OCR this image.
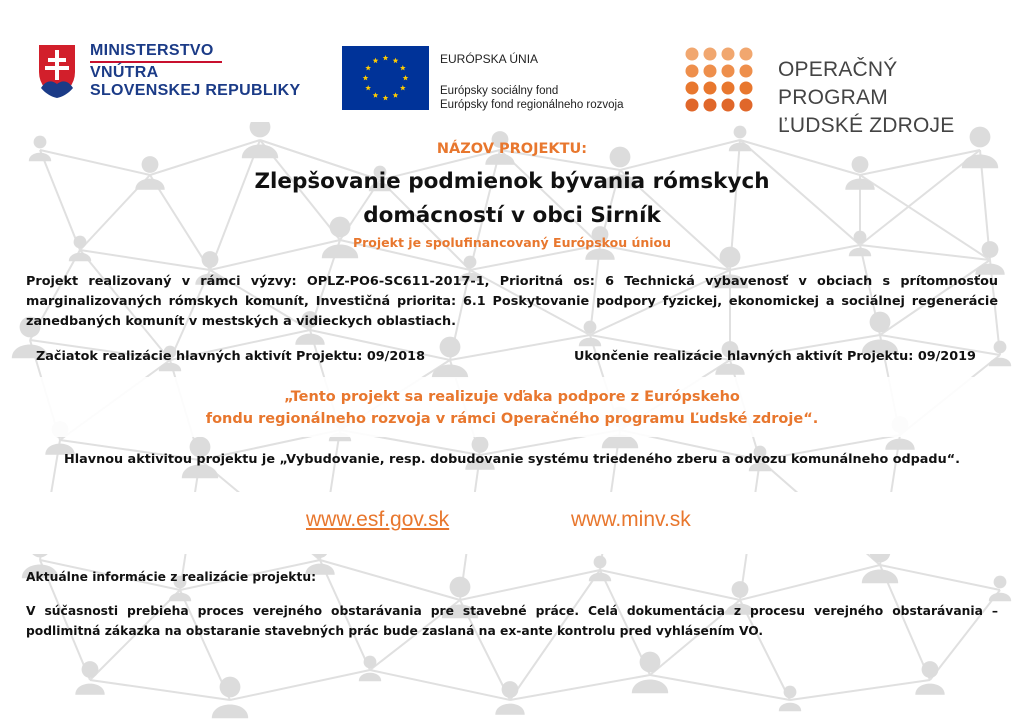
MINISTERSTVO
VNÚTRA
SLOVENSKEJ REPUBLIKY
EURÓPSKA ÚNIA
Európsky sociálny fond
Európsky fond regionálneho rozvoja
OPERAČNÝ PROGRAM
ĽUDSKÉ ZDROJE
NÁZOV PROJEKTU:
Zlepšovanie podmienok bývania rómskych
domácností v obci Sirník
Projekt je spolufinancovaný Európskou úniou
Projekt realizovaný v rámci výzvy: OPLZ-PO6-SC611-2017-1, Prioritná os: 6 Technická vybavenosť v obciach s prítomnosťou marginalizovaných rómskych komunít, Investičná priorita: 6.1 Poskytovanie podpory fyzickej, ekonomickej a sociálnej regenerácie zanedbaných komunít v mestských a vidieckych oblastiach.
Začiatok realizácie hlavných aktivít Projektu: 09/2018	Ukončenie realizácie hlavných aktivít Projektu: 09/2019
„Tento projekt sa realizuje vďaka podpore z Európskeho
fondu regionálneho rozvoja v rámci Operačného programu Ľudské zdroje“.
Hlavnou aktivitou projektu je „Vybudovanie, resp. dobudovanie systému triedeného zberu a odvozu komunálneho odpadu“.
www.esf.gov.sk	www.minv.sk
Aktuálne informácie z realizácie projektu:
V súčasnosti prebieha proces verejného obstarávania pre stavebné práce. Celá dokumentácia z procesu verejného obstarávania – podlimitná zákazka na obstaranie stavebných prác bude zaslaná na ex-ante kontrolu pred vyhlásením VO.
